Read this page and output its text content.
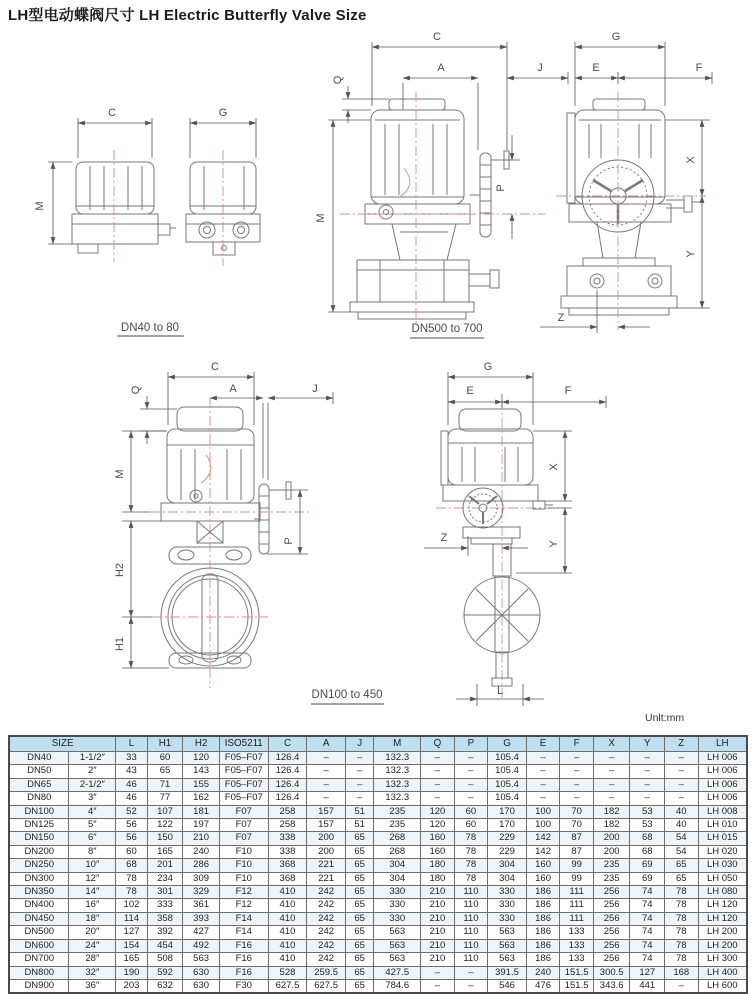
LH型电动蝶阀尺寸 LH Electric Butterfly Valve Size
C	G
M
DN40 to 80
C
A	J
Q
M
P
G
E	F
X
Y
Z
DN500 to 700
C
A	J
Q
M
H2
H1
P
G
E	F
X
Y
Z
L
DN100 to 450
Unlt:mm
SIZE		L	H1	H2	ISO5211	C	A	J	M	Q	P	G	E	F	X	Y	Z	LH
DN40	1-1/2″	33	60	120	F05–F07	126.4	–	–	132.3	–	–	105.4	–	–	–	–	–	LH 006
DN50	2″	43	65	143	F05–F07	126.4	–	–	132.3	–	–	105.4	–	–	–	–	–	LH 006
DN65	2-1/2″	46	71	155	F05–F07	126.4	–	–	132.3	–	–	105.4	–	–	–	–	–	LH 006
DN80	3″	46	77	162	F05–F07	126.4	–	–	132.3	–	–	105.4	–	–	–	–	–	LH 006
DN100	4″	52	107	181	F07	258	157	51	235	120	60	170	100	70	182	53	40	LH 008
DN125	5″	56	122	197	F07	258	157	51	235	120	60	170	100	70	182	53	40	LH 010
DN150	6″	56	150	210	F07	338	200	65	268	160	78	229	142	87	200	68	54	LH 015
DN200	8″	60	165	240	F10	338	200	65	268	160	78	229	142	87	200	68	54	LH 020
DN250	10″	68	201	286	F10	368	221	65	304	180	78	304	160	99	235	69	65	LH 030
DN300	12″	78	234	309	F10	368	221	65	304	180	78	304	160	99	235	69	65	LH 050
DN350	14″	78	301	329	F12	410	242	65	330	210	110	330	186	111	256	74	78	LH 080
DN400	16″	102	333	361	F12	410	242	65	330	210	110	330	186	111	256	74	78	LH 120
DN450	18″	114	358	393	F14	410	242	65	330	210	110	330	186	111	256	74	78	LH 120
DN500	20″	127	392	427	F14	410	242	65	563	210	110	563	186	133	256	74	78	LH 200
DN600	24″	154	454	492	F16	410	242	65	563	210	110	563	186	133	256	74	78	LH 200
DN700	28″	165	508	563	F16	410	242	65	563	210	110	563	186	133	256	74	78	LH 300
DN800	32″	190	592	630	F16	528	259.5	65	427.5	–	–	391.5	240	151.5	300.5	127	168	LH 400
DN900	36″	203	632	630	F30	627.5	627.5	65	784.6	–	–	546	476	151.5	343.6	441	–	LH 600
